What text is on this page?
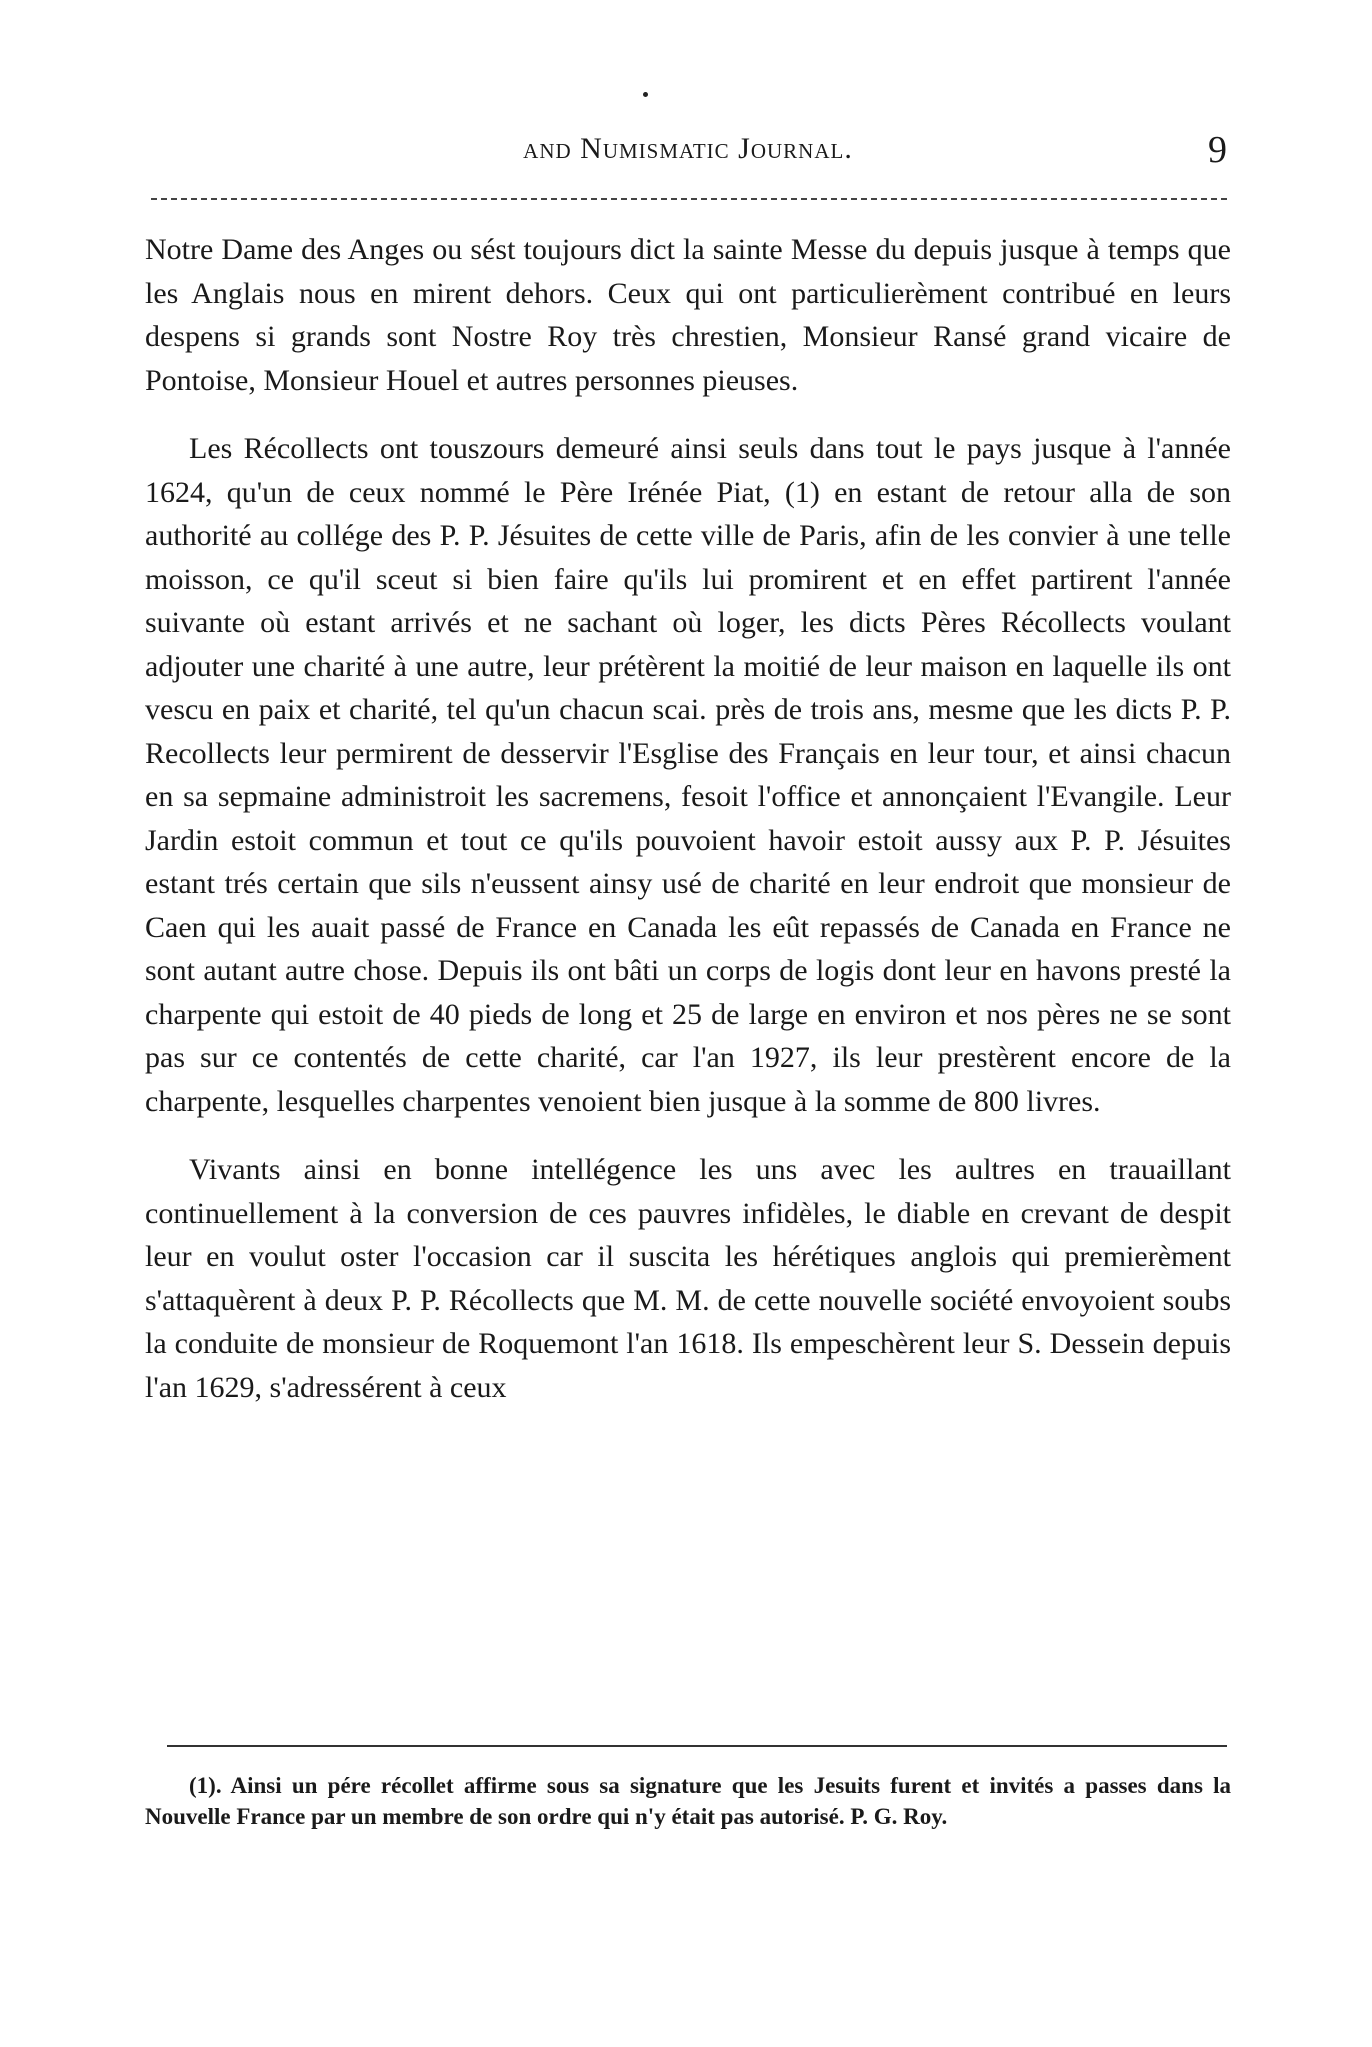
and Numismatic Journal.	9

Notre Dame des Anges ou sést toujours dict la sainte Messe du depuis jusque à temps que les Anglais nous en mirent dehors. Ceux qui ont particulierèment contribué en leurs despens si grands sont Nostre Roy très chrestien, Monsieur Ransé grand vicaire de Pontoise, Monsieur Houel et autres personnes pieuses.

Les Récollects ont touszours demeuré ainsi seuls dans tout le pays jusque à l'année 1624, qu'un de ceux nommé le Père Irénée Piat, (1) en estant de retour alla de son authorité au collége des P. P. Jésuites de cette ville de Paris, afin de les convier à une telle moisson, ce qu'il sceut si bien faire qu'ils lui promirent et en effet partirent l'année suivante où estant arrivés et ne sachant où loger, les dicts Pères Récollects voulant adjouter une charité à une autre, leur prétèrent la moitié de leur maison en laquelle ils ont vescu en paix et charité, tel qu'un chacun scai. près de trois ans, mesme que les dicts P. P. Recollects leur permirent de desservir l'Esglise des Français en leur tour, et ainsi chacun en sa sepmaine administroit les sacremens, fesoit l'office et annonçaient l'Evangile. Leur Jardin estoit commun et tout ce qu'ils pouvoient havoir estoit aussy aux P. P. Jésuites estant trés certain que sils n'eussent ainsy usé de charité en leur endroit que monsieur de Caen qui les auait passé de France en Canada les eût repassés de Canada en France ne sont autant autre chose. Depuis ils ont bâti un corps de logis dont leur en havons presté la charpente qui estoit de 40 pieds de long et 25 de large en environ et nos pères ne se sont pas sur ce contentés de cette charité, car l'an 1927, ils leur prestèrent encore de la charpente, lesquelles charpentes venoient bien jusque à la somme de 800 livres.

Vivants ainsi en bonne intellégence les uns avec les aultres en trauaillant continuellement à la conversion de ces pauvres infidèles, le diable en crevant de despit leur en voulut oster l'occasion car il suscita les hérétiques anglois qui premierèment s'attaquèrent à deux P. P. Récollects que M. M. de cette nouvelle société envoyoient soubs la conduite de monsieur de Roquemont l'an 1618. Ils empeschèrent leur S. Dessein depuis l'an 1629, s'adressérent à ceux

(1). Ainsi un pére récollet affirme sous sa signature que les Jesuits furent et invités a passes dans la Nouvelle France par un membre de son ordre qui n'y était pas autorisé. P. G. Roy.
